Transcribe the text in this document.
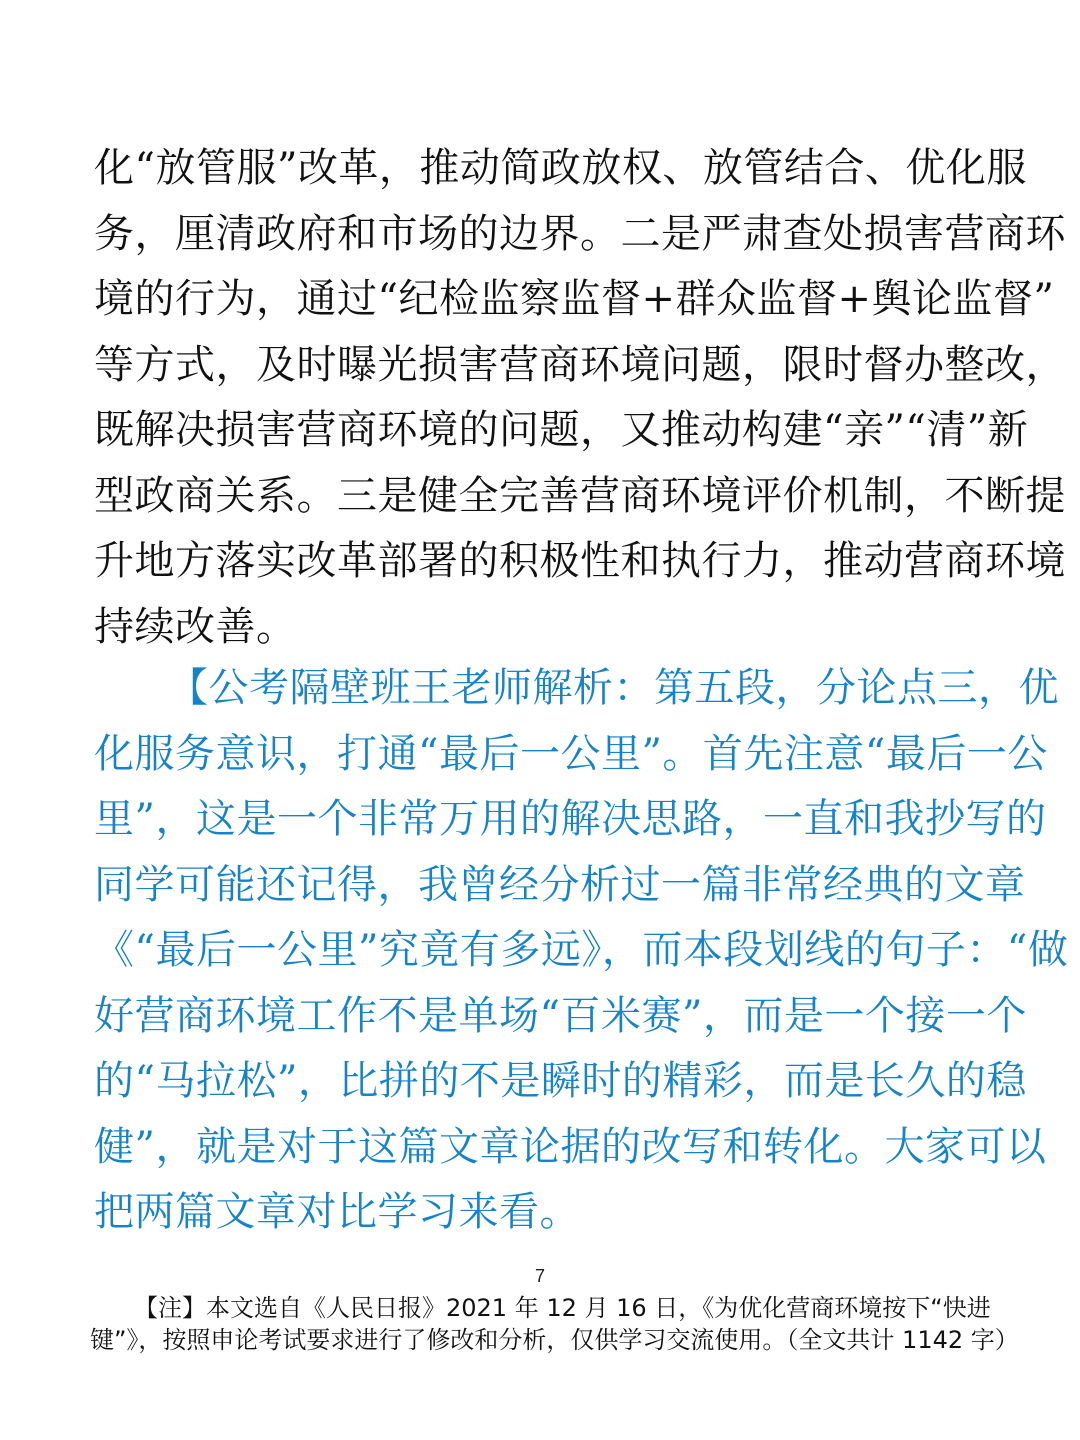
化“放管服”改革，推动简政放权、放管结合、优化服
务，厘清政府和市场的边界。二是严肃查处损害营商环
境的行为，通过“纪检监察监督+群众监督+舆论监督”
等方式，及时曝光损害营商环境问题，限时督办整改，
既解决损害营商环境的问题，又推动构建“亲”“清”新
型政商关系。三是健全完善营商环境评价机制，不断提
升地方落实改革部署的积极性和执行力，推动营商环境
持续改善。
【公考隔壁班王老师解析：第五段，分论点三，优
化服务意识，打通“最后一公里”。首先注意“最后一公
里”，这是一个非常万用的解决思路，一直和我抄写的
同学可能还记得，我曾经分析过一篇非常经典的文章
《“最后一公里”究竟有多远》，而本段划线的句子：“做
好营商环境工作不是单场“百米赛”，而是一个接一个
的“马拉松”，比拼的不是瞬时的精彩，而是长久的稳
健”，就是对于这篇文章论据的改写和转化。大家可以
把两篇文章对比学习来看。
7
【注】本文选自《人民日报》2021 年 12 月 16 日，《为优化营商环境按下“快进
键”》，按照申论考试要求进行了修改和分析，仅供学习交流使用。（全文共计 1142 字）
